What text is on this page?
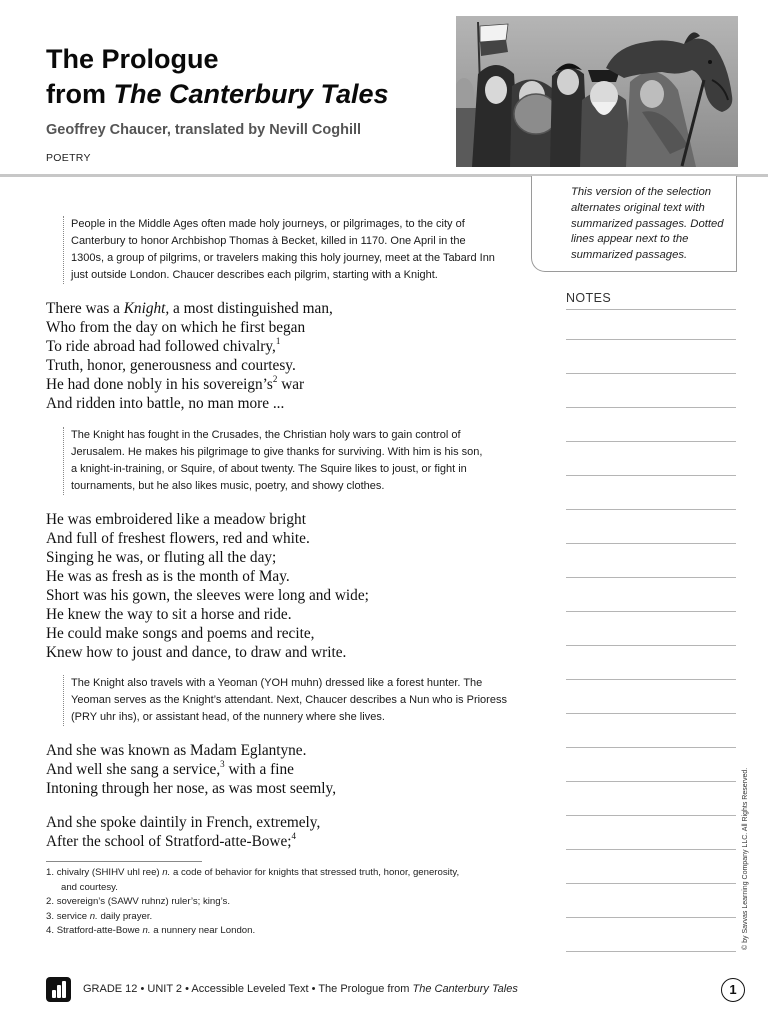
The Prologue
from The Canterbury Tales
Geoffrey Chaucer, translated by Nevill Coghill
POETRY

This version of the selection alternates original text with summarized passages. Dotted lines appear next to the summarized passages.

NOTES
People in the Middle Ages often made holy journeys, or pilgrimages, to the city of
Canterbury to honor Archbishop Thomas à Becket, killed in 1170. One April in the
1300s, a group of pilgrims, or travelers making this holy journey, meet at the Tabard Inn
just outside London. Chaucer describes each pilgrim, starting with a Knight.
There was a Knight, a most distinguished man,
Who from the day on which he first began
To ride abroad had followed chivalry,$^1$
Truth, honor, generousness and courtesy.
He had done nobly in his $sovereign’s^2$ war
And ridden into battle, no man more ...
The Knight has fought in the Crusades, the Christian holy wars to gain control of
Jerusalem. He makes his pilgrimage to give thanks for surviving. With him is his son,
a knight-in-training, or Squire, of about twenty. The Squire likes to joust, or fight in
tournaments, but he also likes music, poetry, and showy clothes.
He was embroidered like a meadow bright
And full of freshest flowers, red and white.
Singing he was, or fluting all the day;
He was as fresh as is the month of May.
Short was his gown, the sleeves were long and wide;
He knew the way to sit a horse and ride.
He could make songs and poems and recite,
Knew how to joust and dance, to draw and write.
The Knight also travels with a Yeoman (YOH muhn) dressed like a forest hunter. The
Yeoman serves as the Knight’s attendant. Next, Chaucer describes a Nun who is Prioress
(PRY uhr ihs), or assistant head, of the nunnery where she lives.
And she was known as Madam Eglantyne.
And well she sang a service,$^3$ with a fine
Intoning through her nose, as was most seemly,
And she spoke daintily in French, extremely,
After the school of Stratford-atte-Bowe;$^4$
1. chivalry (SHIHV uhl ree) n. a code of behavior for knights that stressed truth, honor, generosity,
and courtesy.
2. sovereign’s (SAWV ruhnz) ruler’s; king’s.
3. service n. daily prayer.
4. Stratford-atte-Bowe n. a nunnery near London.	© by Savvas Learning Company LLC. All Rights Reserved.
GRADE 12 • UNIT 2 • Accessible Leveled Text • The Prologue from The Canterbury Tales	1
